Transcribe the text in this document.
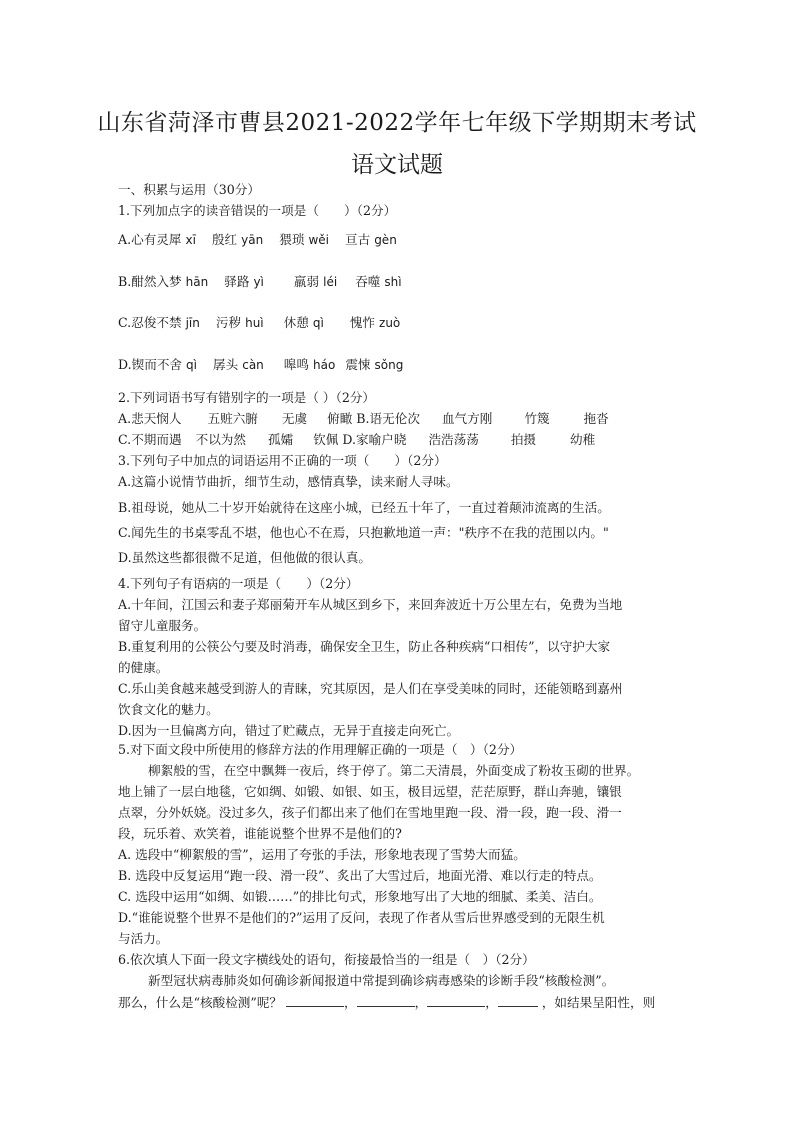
山东省菏泽市曹县2021-2022学年七年级下学期期末考试
语文试题
一、积累与运用（30分）
1.下列加点字的读音错误的一项是（　　）（2分）
A.心有灵犀 xī 殷红 yān 猥琐 wěi 亘古 gèn
B.酣然入梦 hān 驿路 yì 羸弱 léi 吞噬 shì
C.忍俊不禁 jīn 污秽 huì 休憩 qì 愧怍 zuò
D.锲而不舍 qì 孱头 càn 嗥鸣 háo 震悚 sǒng
2.下列词语书写有错别字的一项是（ ）（2分）
A.悲天悯人 五赃六腑 无虞 俯瞰 B.语无伦次 血气方刚	竹篾	拖沓
C.不期而遇 不以为然 孤孀 钦佩 D.家喻户晓 浩浩荡荡	拍摄	幼稚
3.下列句子中加点的词语运用不正确的一项（　　）（2分）
A.这篇小说情节曲折，细节生动，感情真挚，读来耐人寻味。
B.祖母说，她从二十岁开始就待在这座小城，已经五十年了，一直过着颠沛流离的生活。
C.闻先生的书桌零乱不堪，他也心不在焉，只抱歉地道一声："秩序不在我的范围以内。"
D.虽然这些都很微不足道，但他做的很认真。
4.下列句子有语病的一项是（　　）（2分）
A.十年间，江国云和妻子郑丽菊开车从城区到乡下，来回奔波近十万公里左右，免费为当地
留守儿童服务。
B.重复利用的公筷公勺要及时消毒，确保安全卫生，防止各种疾病“口相传”，以守护大家
的健康。
C.乐山美食越来越受到游人的青睐，究其原因，是人们在享受美味的同时，还能领略到嘉州
饮食文化的魅力。
D.因为一旦偏离方向，错过了贮藏点，无异于直接走向死亡。
5.对下面文段中所使用的修辞方法的作用理解正确的一项是（　）（2分）
柳絮般的雪，在空中飘舞一夜后，终于停了。第二天清晨，外面变成了粉妆玉砌的世界。
地上铺了一层白地毯，它如绸、如锻、如银、如玉，极目远望，茫茫原野，群山奔驰，镶银
点翠，分外妖娆。没过多久，孩子们都出来了他们在雪地里跑一段、滑一段，跑一段、滑一
段，玩乐着、欢笑着，谁能说整个世界不是他们的?
A. 选段中“柳絮般的雪”，运用了夸张的手法，形象地表现了雪势大而猛。
B. 选段中反复运用“跑一段、滑一段”、炙出了大雪过后，地面光滑、难以行走的特点。
C. 选段中运用“如绸、如锻……”的排比句式，形象地写出了大地的细腻、柔美、洁白。
D.“谁能说整个世界不是他们的?”运用了反问，表现了作者从雪后世界感受到的无限生机
与活力。
6.依次填人下面一段文字横线处的语句，衔接最恰当的一组是（　）（2分）
新型冠状病毒肺炎如何确诊新闻报道中常提到确诊病毒感染的诊断手段“核酸检测”。
那么，什么是“核酸检测”呢？	，	，	，	，如结果呈阳性，则
